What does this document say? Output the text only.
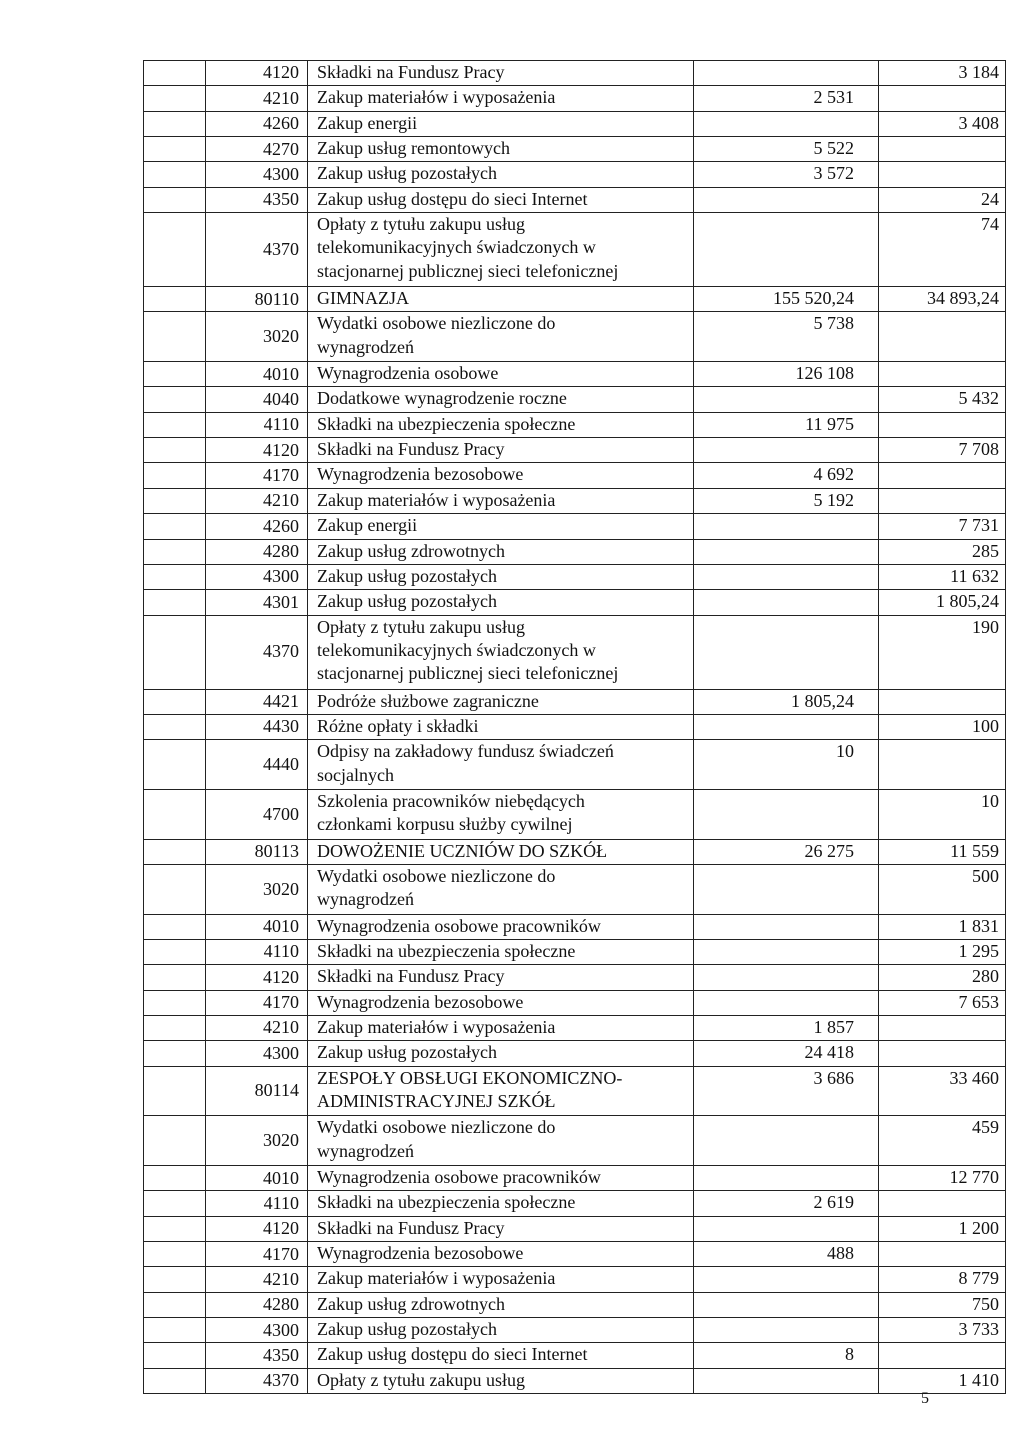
	4120	Składki na Fundusz Pracy		3 184
	4210	Zakup materiałów i wyposażenia	2 531	
	4260	Zakup energii		3 408
	4270	Zakup usług remontowych	5 522	
	4300	Zakup usług pozostałych	3 572	
	4350	Zakup usług dostępu do sieci Internet		24
	4370	Opłaty z tytułu zakupu usług
telekomunikacyjnych świadczonych w
stacjonarnej publicznej sieci telefonicznej		74
	80110	GIMNAZJA	155 520,24	34 893,24
	3020	Wydatki osobowe niezliczone do
wynagrodzeń	5 738	
	4010	Wynagrodzenia osobowe	126 108	
	4040	Dodatkowe wynagrodzenie roczne		5 432
	4110	Składki na ubezpieczenia społeczne	11 975	
	4120	Składki na Fundusz Pracy		7 708
	4170	Wynagrodzenia bezosobowe	4 692	
	4210	Zakup materiałów i wyposażenia	5 192	
	4260	Zakup energii		7 731
	4280	Zakup usług zdrowotnych		285
	4300	Zakup usług pozostałych		11 632
	4301	Zakup usług pozostałych		1 805,24
	4370	Opłaty z tytułu zakupu usług
telekomunikacyjnych świadczonych w
stacjonarnej publicznej sieci telefonicznej		190
	4421	Podróże służbowe zagraniczne	1 805,24	
	4430	Różne opłaty i składki		100
	4440	Odpisy na zakładowy fundusz świadczeń
socjalnych	10	
	4700	Szkolenia pracowników niebędących
członkami korpusu służby cywilnej		10
	80113	DOWOŻENIE UCZNIÓW DO SZKÓŁ	26 275	11 559
	3020	Wydatki osobowe niezliczone do
wynagrodzeń		500
	4010	Wynagrodzenia osobowe pracowników		1 831
	4110	Składki na ubezpieczenia społeczne		1 295
	4120	Składki na Fundusz Pracy		280
	4170	Wynagrodzenia bezosobowe		7 653
	4210	Zakup materiałów i wyposażenia	1 857	
	4300	Zakup usług pozostałych	24 418	
	80114	ZESPOŁY OBSŁUGI EKONOMICZNO-
ADMINISTRACYJNEJ SZKÓŁ	3 686	33 460
	3020	Wydatki osobowe niezliczone do
wynagrodzeń		459
	4010	Wynagrodzenia osobowe pracowników		12 770
	4110	Składki na ubezpieczenia społeczne	2 619	
	4120	Składki na Fundusz Pracy		1 200
	4170	Wynagrodzenia bezosobowe	488	
	4210	Zakup materiałów i wyposażenia		8 779
	4280	Zakup usług zdrowotnych		750
	4300	Zakup usług pozostałych		3 733
	4350	Zakup usług dostępu do sieci Internet	8	
	4370	Opłaty z tytułu zakupu usług		1 410
5
